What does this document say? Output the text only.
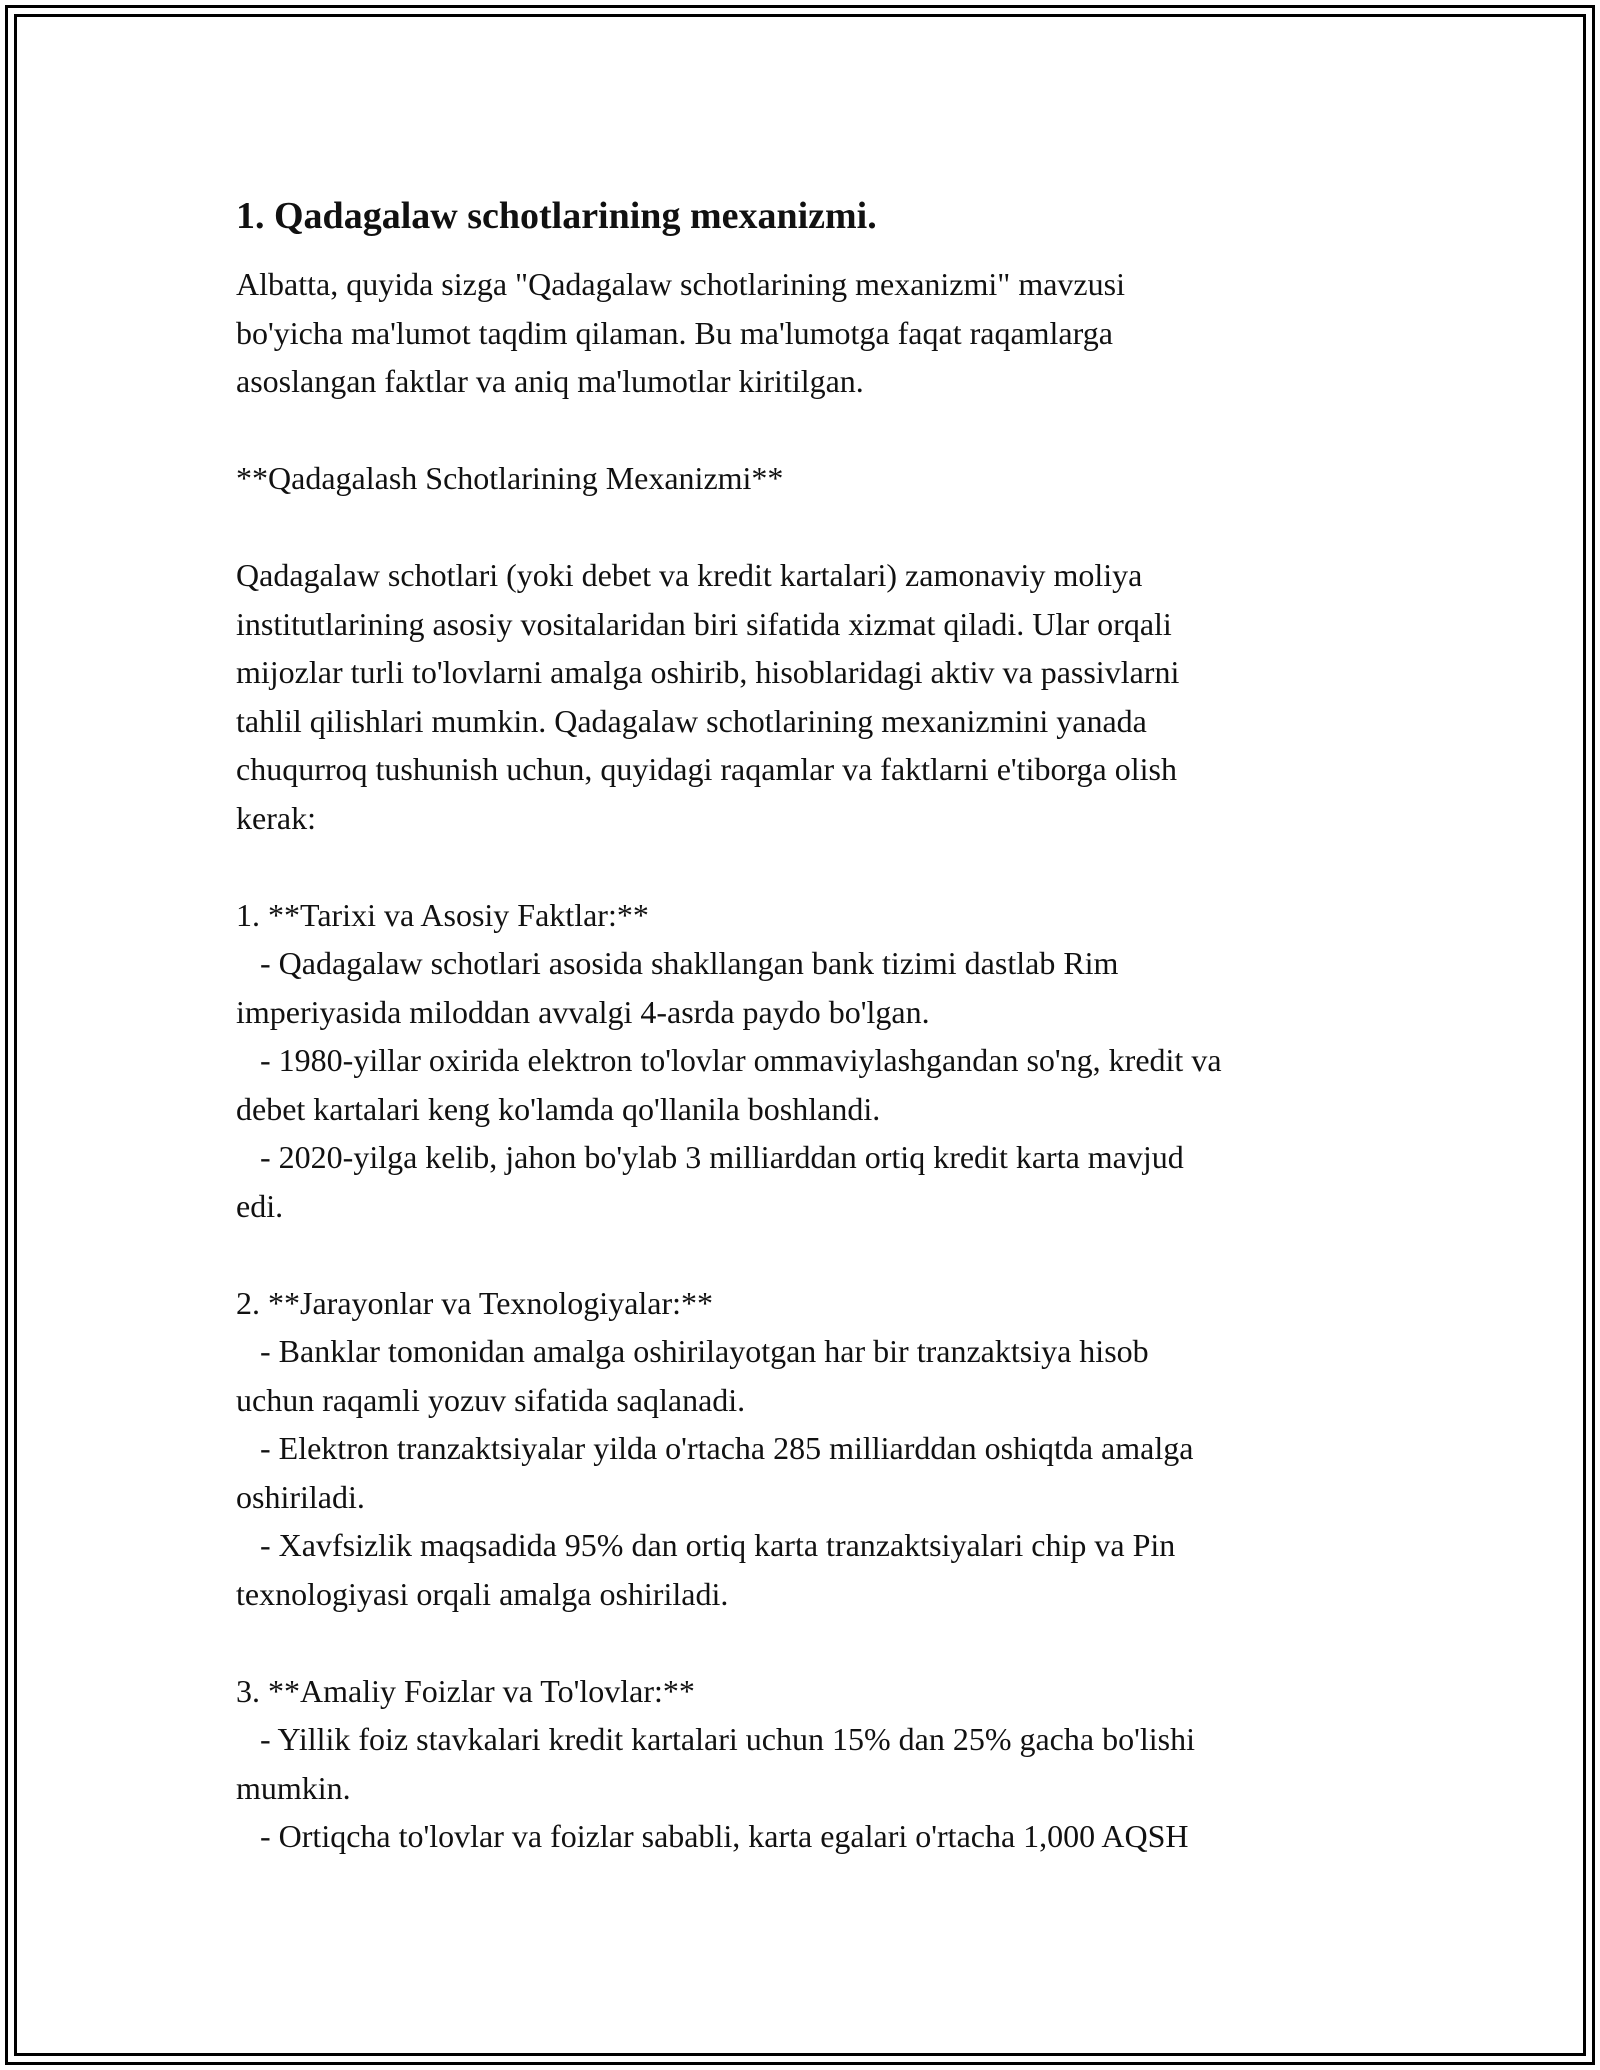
1. Qadagalaw schotlarining mexanizmi.

Albatta, quyida sizga "Qadagalaw schotlarining mexanizmi" mavzusi
bo'yicha ma'lumot taqdim qilaman. Bu ma'lumotga faqat raqamlarga
asoslangan faktlar va aniq ma'lumotlar kiritilgan.

**Qadagalash Schotlarining Mexanizmi**

Qadagalaw schotlari (yoki debet va kredit kartalari) zamonaviy moliya
institutlarining asosiy vositalaridan biri sifatida xizmat qiladi. Ular orqali
mijozlar turli to'lovlarni amalga oshirib, hisoblaridagi aktiv va passivlarni
tahlil qilishlari mumkin. Qadagalaw schotlarining mexanizmini yanada
chuqurroq tushunish uchun, quyidagi raqamlar va faktlarni e'tiborga olish
kerak:

1. **Tarixi va Asosiy Faktlar:**
- Qadagalaw schotlari asosida shakllangan bank tizimi dastlab Rim
imperiyasida miloddan avvalgi 4-asrda paydo bo'lgan.
- 1980-yillar oxirida elektron to'lovlar ommaviylashgandan so'ng, kredit va
debet kartalari keng ko'lamda qo'llanila boshlandi.
- 2020-yilga kelib, jahon bo'ylab 3 milliarddan ortiq kredit karta mavjud
edi.

2. **Jarayonlar va Texnologiyalar:**
- Banklar tomonidan amalga oshirilayotgan har bir tranzaktsiya hisob
uchun raqamli yozuv sifatida saqlanadi.
- Elektron tranzaktsiyalar yilda o'rtacha 285 milliarddan oshiqtda amalga
oshiriladi.
- Xavfsizlik maqsadida 95% dan ortiq karta tranzaktsiyalari chip va Pin
texnologiyasi orqali amalga oshiriladi.

3. **Amaliy Foizlar va To'lovlar:**
- Yillik foiz stavkalari kredit kartalari uchun 15% dan 25% gacha bo'lishi
mumkin.
- Ortiqcha to'lovlar va foizlar sababli, karta egalari o'rtacha 1,000 AQSH
